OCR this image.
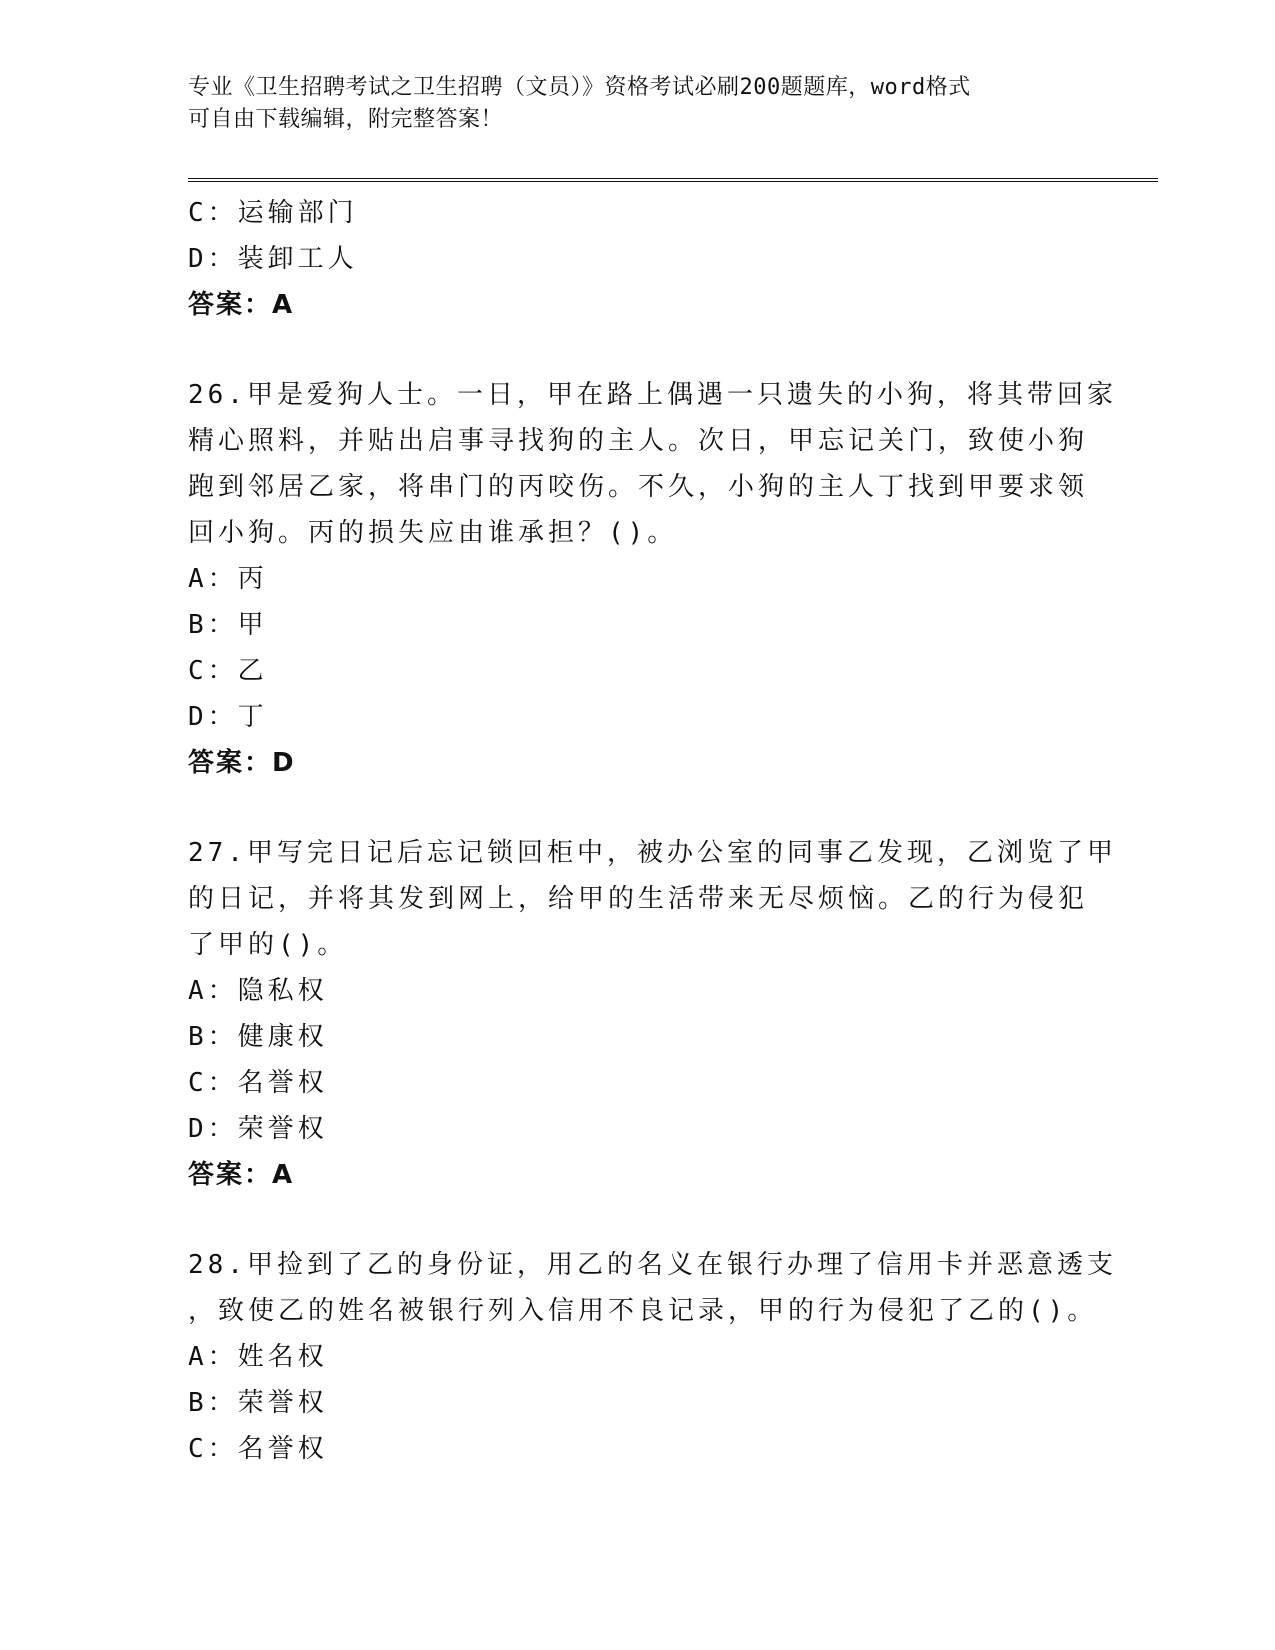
专业《卫生招聘考试之卫生招聘（文员）》资格考试必刷200题题库，word格式
可自由下载编辑，附完整答案！
C：运输部门
D：装卸工人
答案：A
26.甲是爱狗人士。一日，甲在路上偶遇一只遗失的小狗，将其带回家
精心照料，并贴出启事寻找狗的主人。次日，甲忘记关门，致使小狗
跑到邻居乙家，将串门的丙咬伤。不久，小狗的主人丁找到甲要求领
回小狗。丙的损失应由谁承担？()。
A：丙
B：甲
C：乙
D：丁
答案：D
27.甲写完日记后忘记锁回柜中，被办公室的同事乙发现，乙浏览了甲
的日记，并将其发到网上，给甲的生活带来无尽烦恼。乙的行为侵犯
了甲的()。
A：隐私权
B：健康权
C：名誉权
D：荣誉权
答案：A
28.甲捡到了乙的身份证，用乙的名义在银行办理了信用卡并恶意透支
，致使乙的姓名被银行列入信用不良记录，甲的行为侵犯了乙的()。
A：姓名权
B：荣誉权
C：名誉权
